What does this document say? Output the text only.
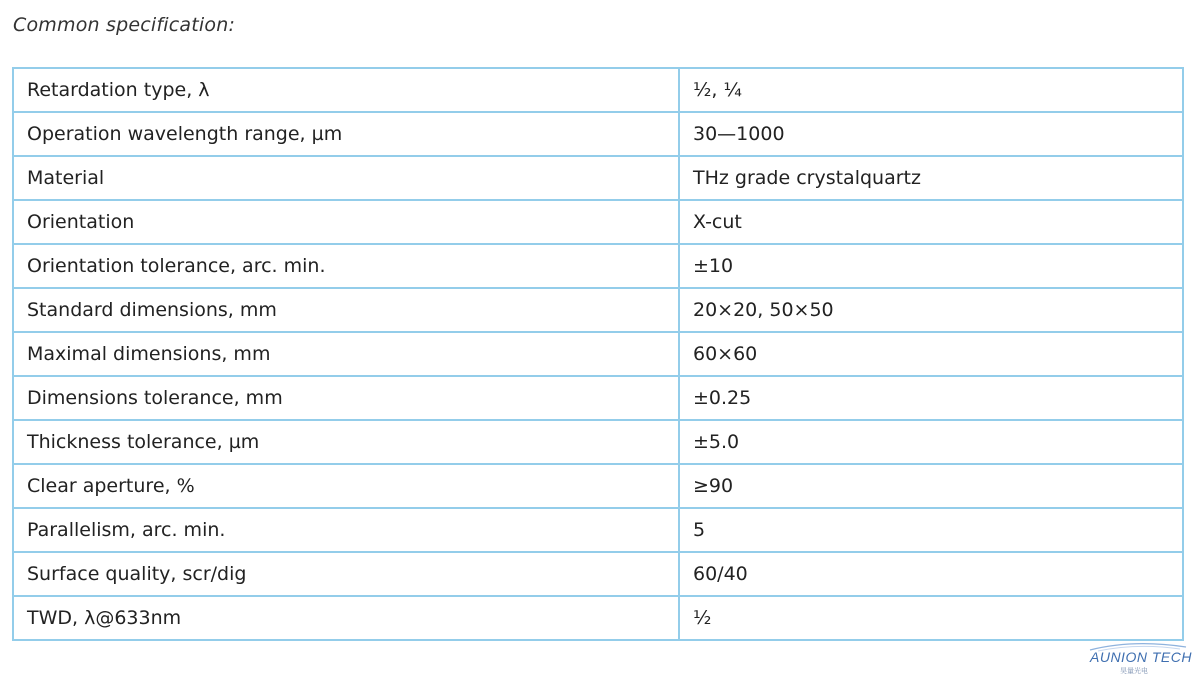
Common specification:
Retardation type, λ	½, ¼
Operation wavelength range, µm	30—1000
Material	THz grade crystalquartz
Orientation	X-cut
Orientation tolerance, arc. min.	±10
Standard dimensions, mm	20×20, 50×50
Maximal dimensions, mm	60×60
Dimensions tolerance, mm	±0.25
Thickness tolerance, µm	±5.0
Clear aperture, %	≥90
Parallelism, arc. min.	5
Surface quality, scr/dig	60/40
TWD, λ@633nm	½
AUNION TECH
昊量光电
